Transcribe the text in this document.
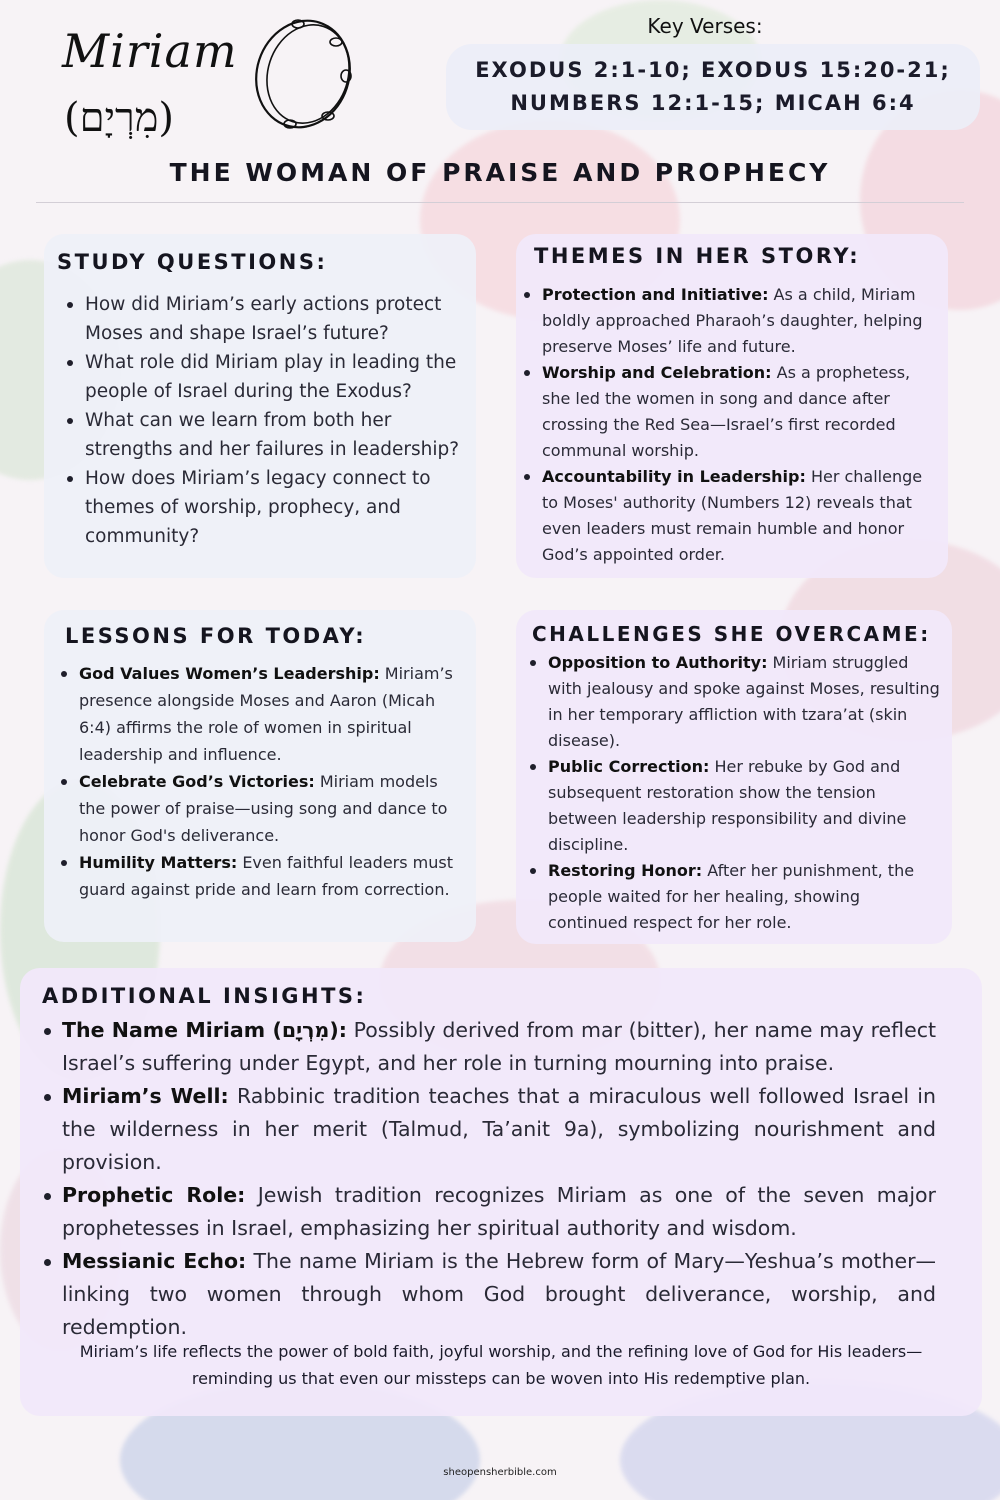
Miriam
(מִרְיָם)
Key Verses:
EXODUS 2:1-10; EXODUS 15:20-21;
NUMBERS 12:1-15; MICAH 6:4
THE WOMAN OF PRAISE AND PROPHECY
STUDY QUESTIONS:
How did Miriam’s early actions protect Moses and shape Israel’s future?
What role did Miriam play in leading the people of Israel during the Exodus?
What can we learn from both her strengths and her failures in leadership?
How does Miriam’s legacy connect to themes of worship, prophecy, and community?
THEMES IN HER STORY:
Protection and Initiative: As a child, Miriam boldly approached Pharaoh’s daughter, helping preserve Moses’ life and future.
Worship and Celebration: As a prophetess, she led the women in song and dance after crossing the Red Sea—Israel’s first recorded communal worship.
Accountability in Leadership: Her challenge to Moses' authority (Numbers 12) reveals that even leaders must remain humble and honor God’s appointed order.
LESSONS FOR TODAY:
God Values Women’s Leadership: Miriam’s presence alongside Moses and Aaron (Micah 6:4) affirms the role of women in spiritual leadership and influence.
Celebrate God’s Victories: Miriam models the power of praise—using song and dance to honor God's deliverance.
Humility Matters: Even faithful leaders must guard against pride and learn from correction.
CHALLENGES SHE OVERCAME:
Opposition to Authority: Miriam struggled with jealousy and spoke against Moses, resulting in her temporary affliction with tzara’at (skin disease).
Public Correction: Her rebuke by God and subsequent restoration show the tension between leadership responsibility and divine discipline.
Restoring Honor: After her punishment, the people waited for her healing, showing continued respect for her role.
ADDITIONAL INSIGHTS:
The Name Miriam (מִרְיָם): Possibly derived from mar (bitter), her name may reflect Israel’s suffering under Egypt, and her role in turning mourning into praise.
Miriam’s Well: Rabbinic tradition teaches that a miraculous well followed Israel in the wilderness in her merit (Talmud, Ta’anit 9a), symbolizing nourishment and provision.
Prophetic Role: Jewish tradition recognizes Miriam as one of the seven major prophetesses in Israel, emphasizing her spiritual authority and wisdom.
Messianic Echo: The name Miriam is the Hebrew form of Mary—Yeshua’s mother—linking two women through whom God brought deliverance, worship, and redemption.
Miriam’s life reflects the power of bold faith, joyful worship, and the refining love of God for His leaders—
reminding us that even our missteps can be woven into His redemptive plan.
sheopensherbible.com
